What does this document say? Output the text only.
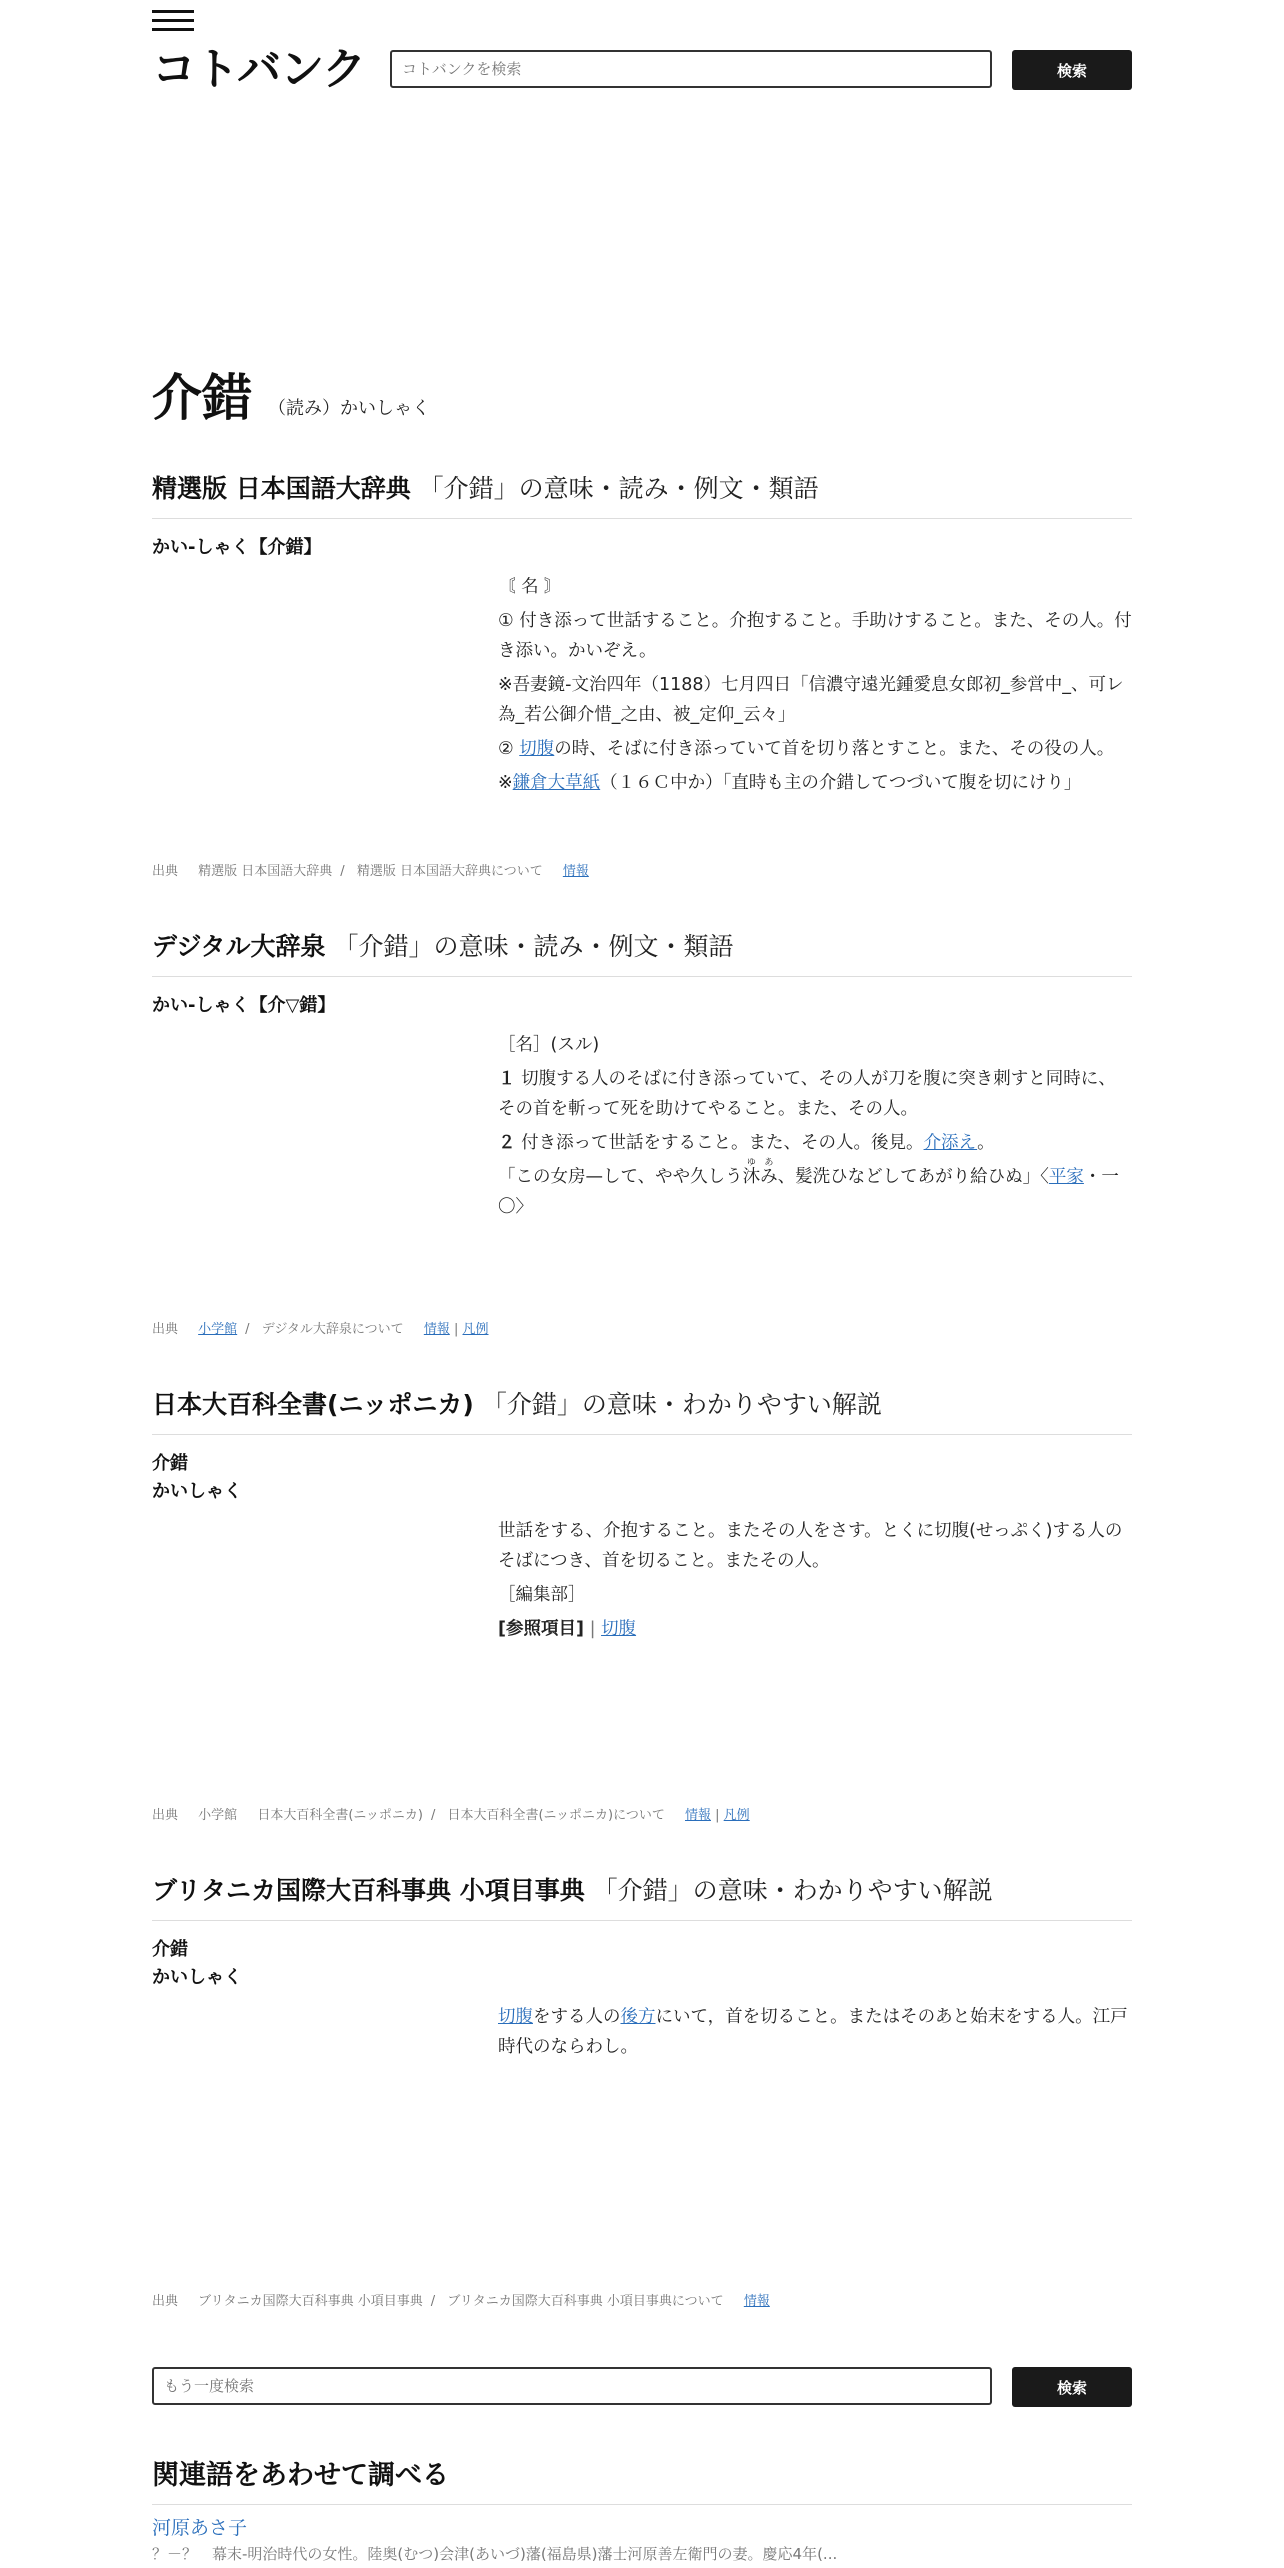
コトバンク
コトバンクを検索	検索
介錯 （読み）かいしゃく
精選版 日本国語大辞典 「介錯」の意味・読み・例文・類語
かい‐しゃく【介錯】

〘 名 〙

① 付き添って世話すること。介抱すること。手助けすること。また、その人。付き添い。かいぞえ。

※吾妻鏡‐文治四年（1188）七月四日「信濃守遠光鍾愛息女郎初_参営中_、可レ為_若公御介惜_之由、被_定仰_云々」

② 切腹の時、そばに付き添っていて首を切り落とすこと。また、その役の人。

※鎌倉大草紙（１６Ｃ中か）「直時も主の介錯してつづいて腹を切にけり」

出典 精選版 日本国語大辞典 / 精選版 日本国語大辞典について 情報
デジタル大辞泉 「介錯」の意味・読み・例文・類語
かい‐しゃく【介▽錯】

［名］(スル)

１ 切腹する人のそばに付き添っていて、その人が刀を腹に突き刺すと同時に、その首を斬って死を助けてやること。また、その人。

２ 付き添って世話をすること。また、その人。後見。介添え。

「この女房—して、やや久しう沐みゆあ、髪洗ひなどしてあがり給ひぬ」〈平家・一〇〉

出典 小学館 / デジタル大辞泉について 情報 | 凡例
日本大百科全書(ニッポニカ) 「介錯」の意味・わかりやすい解説
介錯
かいしゃく

世話をする、介抱すること。またその人をさす。とくに切腹(せっぷく)する人のそばにつき、首を切ること。またその人。

［編集部］

[参照項目] | 切腹

出典 小学館 日本大百科全書(ニッポニカ) / 日本大百科全書(ニッポニカ)について 情報 | 凡例
ブリタニカ国際大百科事典 小項目事典 「介錯」の意味・わかりやすい解説
介錯
かいしゃく

切腹をする人の後方にいて，首を切ること。またはそのあと始末をする人。江戸時代のならわし。

出典 ブリタニカ国際大百科事典 小項目事典 / ブリタニカ国際大百科事典 小項目事典について 情報
もう一度検索
検索
関連語をあわせて調べる
河原あさ子
？－？　幕末-明治時代の女性。陸奥(むつ)会津(あいづ)藩(福島県)藩士河原善左衛門の妻。慶応4年(...
